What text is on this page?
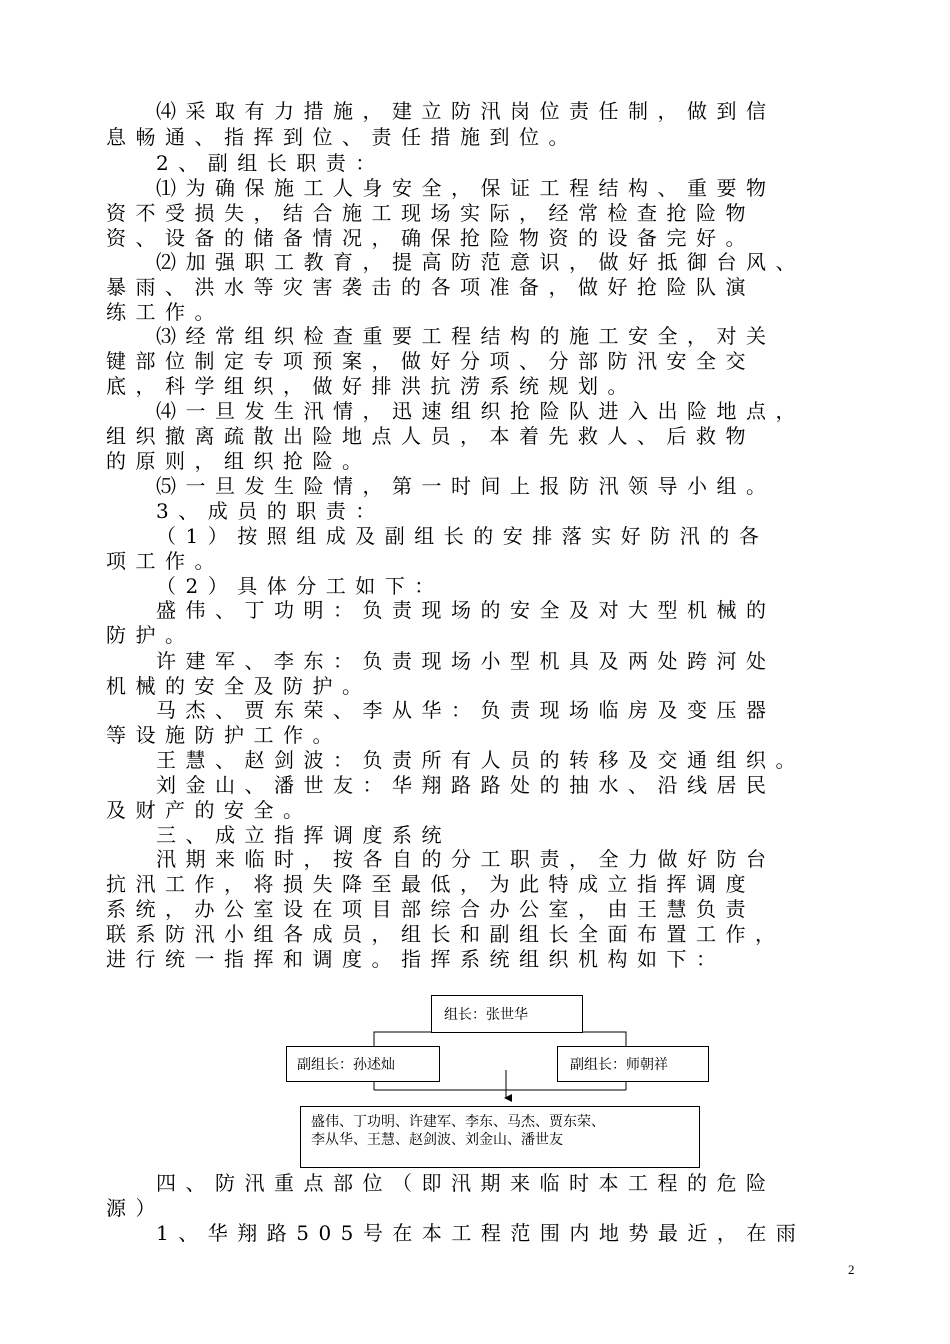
⑷采取有力措施，建立防汛岗位责任制，做到信
息畅通、指挥到位、责任措施到位。
2、副组长职责：
⑴为确保施工人身安全，保证工程结构、重要物
资不受损失，结合施工现场实际，经常检查抢险物
资、设备的储备情况，确保抢险物资的设备完好。
⑵加强职工教育，提高防范意识，做好抵御台风、
暴雨、洪水等灾害袭击的各项准备，做好抢险队演
练工作。
⑶经常组织检查重要工程结构的施工安全，对关
键部位制定专项预案，做好分项、分部防汛安全交
底，科学组织，做好排洪抗涝系统规划。
⑷一旦发生汛情，迅速组织抢险队进入出险地点，
组织撤离疏散出险地点人员，本着先救人、后救物
的原则，组织抢险。
⑸一旦发生险情，第一时间上报防汛领导小组。
3、成员的职责：
（1）按照组成及副组长的安排落实好防汛的各
项工作。
（2）具体分工如下：
盛伟、丁功明：负责现场的安全及对大型机械的
防护。
许建军、李东：负责现场小型机具及两处跨河处
机械的安全及防护。
马杰、贾东荣、李从华：负责现场临房及变压器
等设施防护工作。
王慧、赵剑波：负责所有人员的转移及交通组织。
刘金山、潘世友：华翔路路处的抽水、沿线居民
及财产的安全。
三、成立指挥调度系统
汛期来临时，按各自的分工职责，全力做好防台
抗汛工作，将损失降至最低，为此特成立指挥调度
系统，办公室设在项目部综合办公室，由王慧负责
联系防汛小组各成员，组长和副组长全面布置工作，
进行统一指挥和调度。指挥系统组织机构如下：
组长：张世华
副组长：孙述灿	副组长：师朝祥
盛伟、丁功明、许建军、李东、马杰、贾东荣、
李从华、王慧、赵剑波、刘金山、潘世友
四、防汛重点部位（即汛期来临时本工程的危险
源）
1、华翔路505号在本工程范围内地势最近，在雨
2
